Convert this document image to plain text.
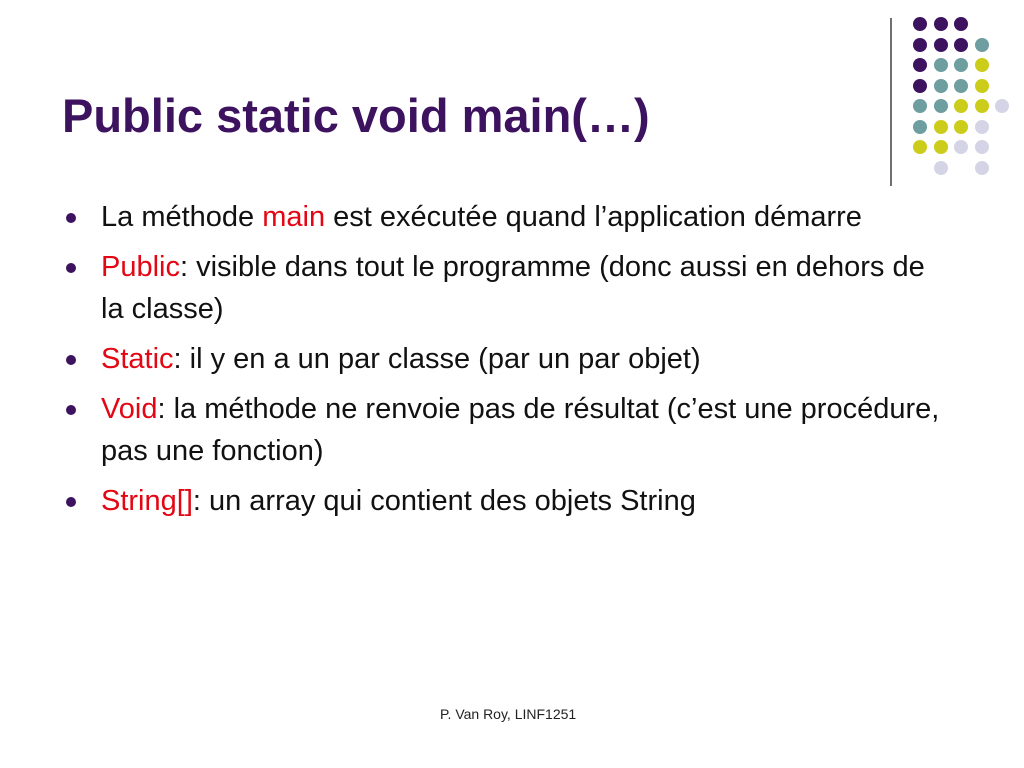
Public static void main(…)
La méthode main est exécutée quand l’application démarre
Public: visible dans tout le programme (donc aussi en dehors de la classe)
Static: il y en a un par classe (par un par objet)
Void: la méthode ne renvoie pas de résultat (c’est une procédure, pas une fonction)
String[]: un array qui contient des objets String
P. Van Roy, LINF1251
